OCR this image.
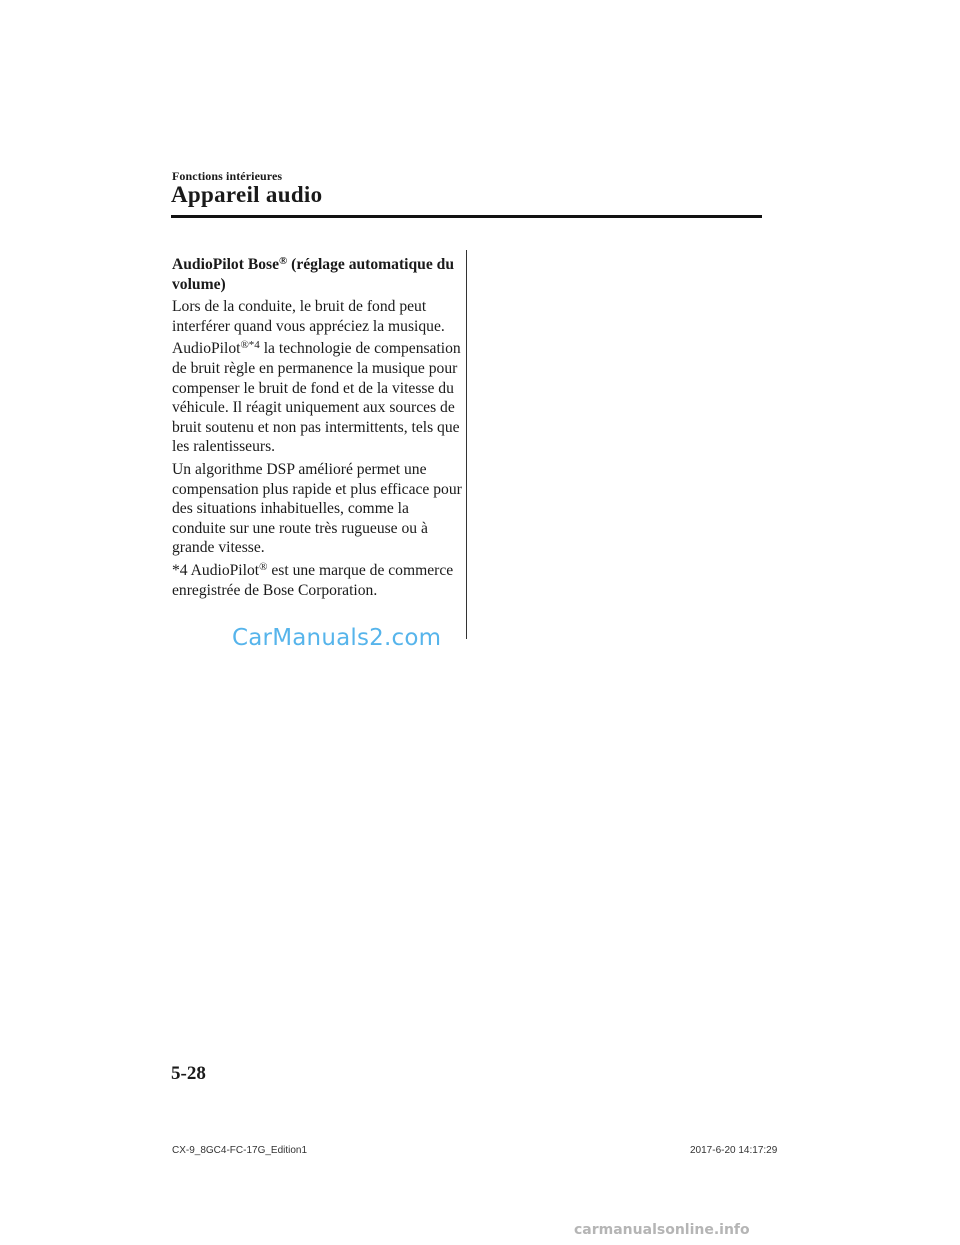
Fonctions intérieures
Appareil audio
AudioPilot Bose® (réglage automatique du volume)

Lors de la conduite, le bruit de fond peut interférer quand vous appréciez la musique.

AudioPilot$^{®*4}$ la technologie de compensation de bruit règle en permanence la musique pour compenser le bruit de fond et de la vitesse du véhicule. Il réagit uniquement aux sources de bruit soutenu et non pas intermittents, tels que les ralentisseurs.

Un algorithme DSP amélioré permet une compensation plus rapide et plus efficace pour des situations inhabituelles, comme la conduite sur une route très rugueuse ou à grande vitesse.

*4 AudioPilot® est une marque de commerce enregistrée de Bose Corporation.

CarManuals2.com
5-28
CX-9_8GC4-FC-17G_Edition1	2017-6-20 14:17:29
carmanualsonline.info
